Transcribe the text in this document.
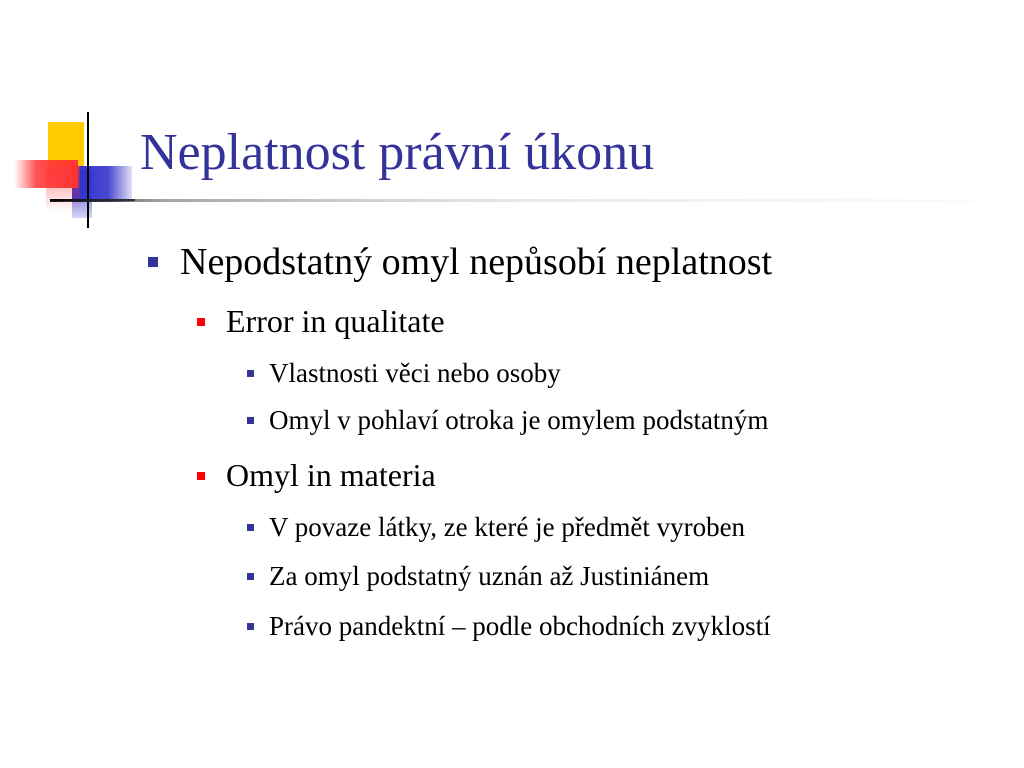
Neplatnost právní úkonu
Nepodstatný omyl nepůsobí neplatnost
Error in qualitate
Vlastnosti věci nebo osoby
Omyl v pohlaví otroka je omylem podstatným
Omyl in materia
V povaze látky, ze které je předmět vyroben
Za omyl podstatný uznán až Justiniánem
Právo pandektní – podle obchodních zvyklostí
